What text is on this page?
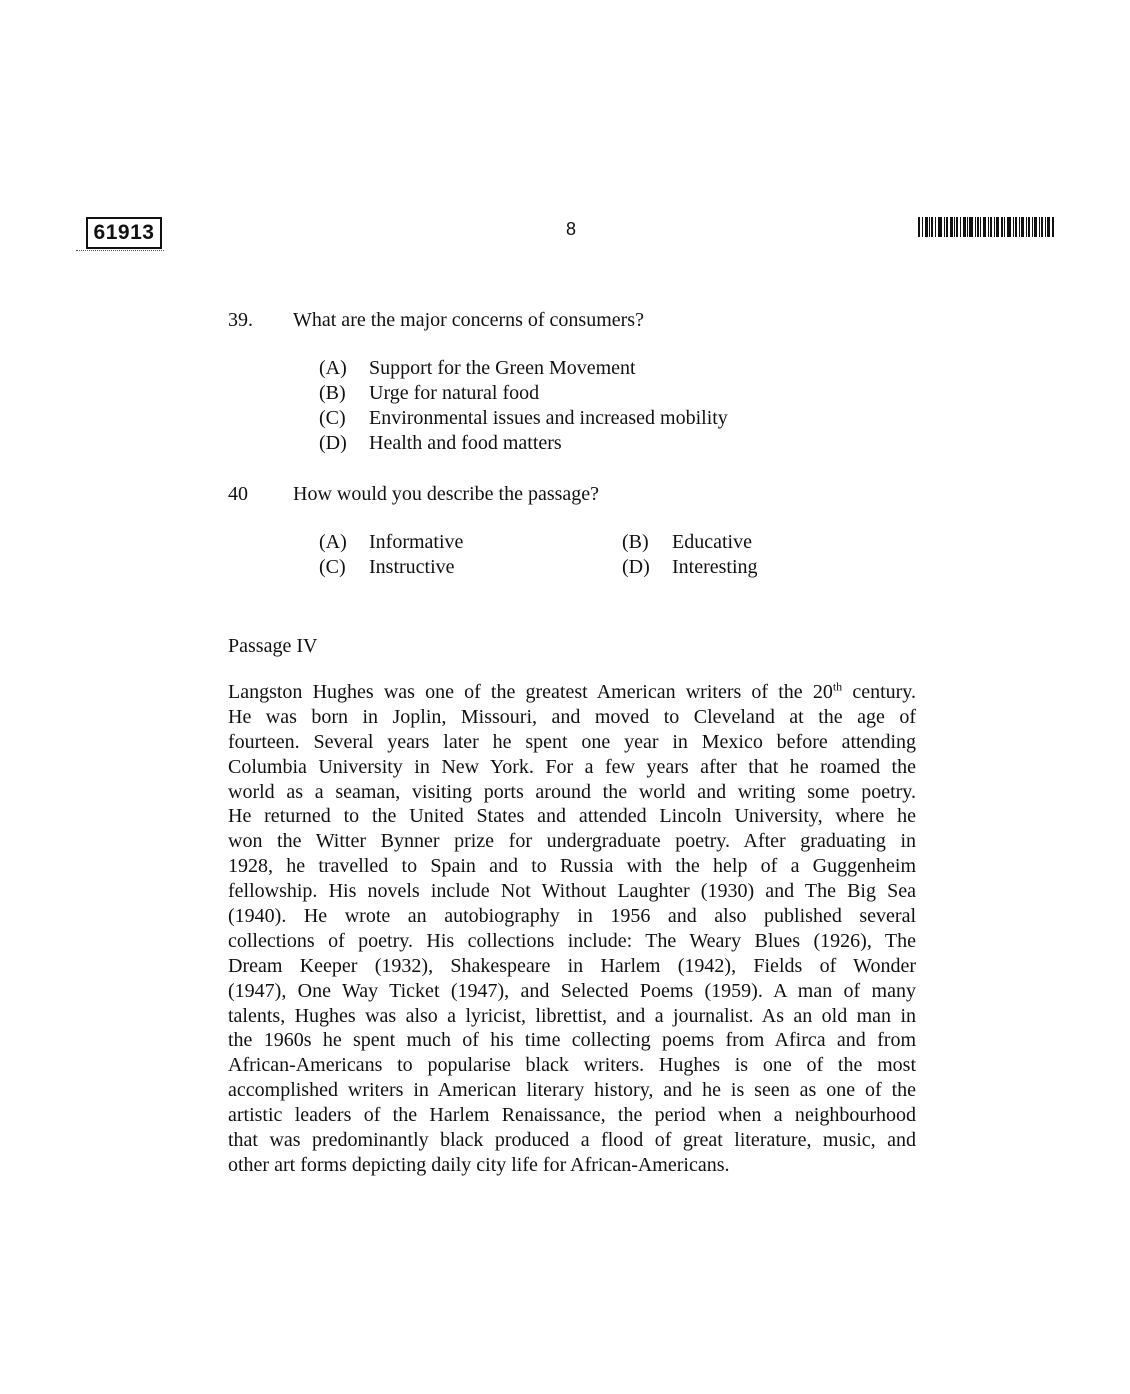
61913	8
39. What are the major concerns of consumers?
(A) Support for the Green Movement
(B) Urge for natural food
(C) Environmental issues and increased mobility
(D) Health and food matters
40 How would you describe the passage?
(A) Informative	(B) Educative
(C) Instructive	(D) Interesting
Passage IV
Langston Hughes was one of the greatest American writers of the 20th century.
He was born in Joplin, Missouri, and moved to Cleveland at the age of
fourteen. Several years later he spent one year in Mexico before attending
Columbia University in New York. For a few years after that he roamed the
world as a seaman, visiting ports around the world and writing some poetry.
He returned to the United States and attended Lincoln University, where he
won the Witter Bynner prize for undergraduate poetry. After graduating in
1928, he travelled to Spain and to Russia with the help of a Guggenheim
fellowship. His novels include Not Without Laughter (1930) and The Big Sea
(1940). He wrote an autobiography in 1956 and also published several
collections of poetry. His collections include: The Weary Blues (1926), The
Dream Keeper (1932), Shakespeare in Harlem (1942), Fields of Wonder
(1947), One Way Ticket (1947), and Selected Poems (1959). A man of many
talents, Hughes was also a lyricist, librettist, and a journalist. As an old man in
the 1960s he spent much of his time collecting poems from Afirca and from
African-Americans to popularise black writers. Hughes is one of the most
accomplished writers in American literary history, and he is seen as one of the
artistic leaders of the Harlem Renaissance, the period when a neighbourhood
that was predominantly black produced a flood of great literature, music, and
other art forms depicting daily city life for African-Americans.
